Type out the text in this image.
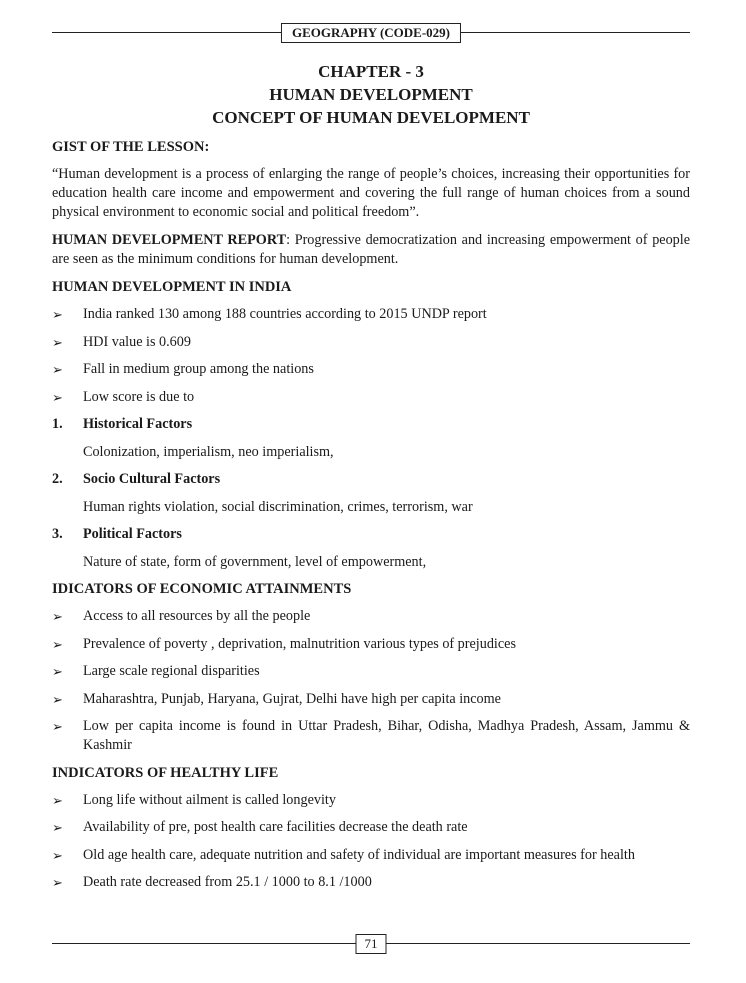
GEOGRAPHY (CODE-029)
CHAPTER - 3
HUMAN DEVELOPMENT
CONCEPT OF HUMAN DEVELOPMENT
GIST OF THE LESSON:

“Human development is a process of enlarging the range of people’s choices, increasing their opportunities for education health care income and empowerment and covering the full range of human choices from a sound physical environment to economic social and political freedom”.

HUMAN DEVELOPMENT REPORT: Progressive democratization and increasing empowerment of people are seen as the minimum conditions for human development.

HUMAN DEVELOPMENT IN INDIA
➢	India ranked 130 among 188 countries according to 2015 UNDP report
➢	HDI value is 0.609
➢	Fall in medium group among the nations
➢	Low score is due to
1.	Historical Factors
Colonization, imperialism, neo imperialism,
2.	Socio Cultural Factors
Human rights violation, social discrimination, crimes, terrorism, war
3.	Political Factors
Nature of state, form of government, level of empowerment,
IDICATORS OF ECONOMIC ATTAINMENTS
➢	Access to all resources by all the people
➢	Prevalence of poverty , deprivation, malnutrition various types of prejudices
➢	Large scale regional disparities
➢	Maharashtra, Punjab, Haryana, Gujrat, Delhi have high per capita income
➢	Low per capita income is found in Uttar Pradesh, Bihar, Odisha, Madhya Pradesh, Assam, Jammu & Kashmir
INDICATORS OF HEALTHY LIFE
➢	Long life without ailment is called longevity
➢	Availability of pre, post health care facilities decrease the death rate
➢	Old age health care, adequate nutrition and safety of individual are important measures for health
➢	Death rate decreased from 25.1 / 1000 to 8.1 /1000
71
